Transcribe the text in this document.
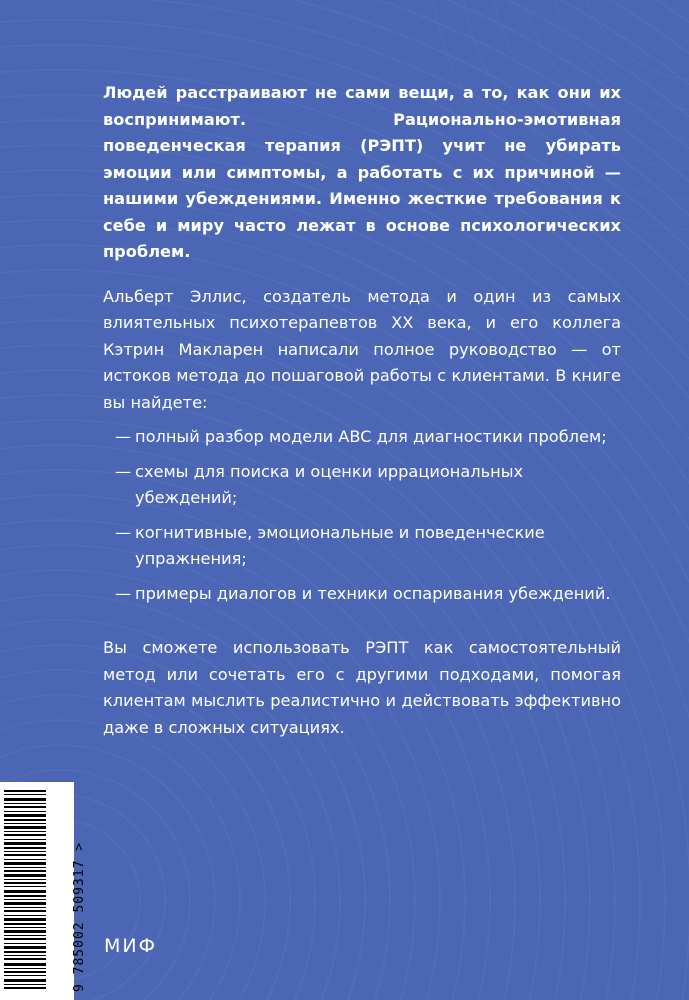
Людей расстраивают не сами вещи, а то, как они их воспринимают. Рационально-эмотивная поведенческая терапия (РЭПТ) учит не убирать эмоции или симптомы, а работать с их причиной — нашими убеждениями. Именно жесткие требования к себе и миру часто лежат в основе психологических проблем.

Альберт Эллис, создатель метода и один из самых влиятельных психотерапевтов XX века, и его коллега Кэтрин Макларен написали полное руководство — от истоков метода до пошаговой работы с клиентами. В книге вы найдете:

— полный разбор модели ABC для диагностики проблем;
— схемы для поиска и оценки иррациональных убеждений;
— когнитивные, эмоциональные и поведенческие упражнения;
— примеры диалогов и техники оспаривания убеждений.

Вы сможете использовать РЭПТ как самостоятельный метод или сочетать его с другими подходами, помогая клиентам мыслить реалистично и действовать эффективно даже в сложных ситуациях.

9 785002 509317 > МИФ
